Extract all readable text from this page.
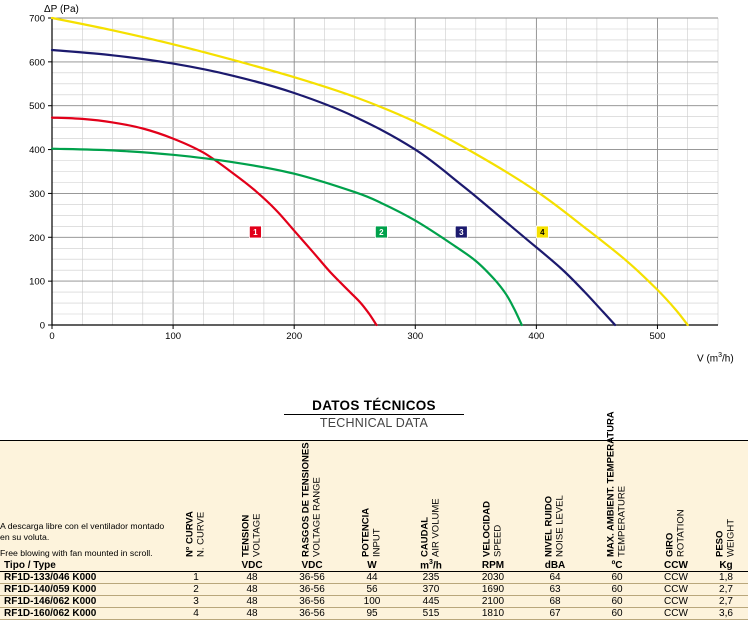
ΔP (Pa)
V $(m^3/h)$
0
100
200
300
400
500
600
700
0	100	200	300	400	500
1	2	3	4
DATOS TÉCNICOS
TECHNICAL DATA
A descarga libre con el ventilador montado en su voluta.
Free blowing with fan mounted in scroll.	Nº CURVA N. CURVE	TENSION VOLTAGE	RASGOS DE TENSIONES VOLTAGE RANGE	POTENCIA INPUT	CAUDAL AIR VOLUME	VELOCIDAD SPEED	NIVEL RUIDO NOISE LEVEL	MAX. AMBIENT. TEMPERATURA TEMPERATURE	GIRO ROTATION	PESO WEIGHT

Tipo / Type		VDC	VDC	W	$m^3/h$	RPM	dBA	ºC	CCW	Kg
RF1D-133/046 K000	1	48	36-56	44	235	2030	64	60	CCW	1,8
RF1D-140/059 K000	2	48	36-56	56	370	1690	63	60	CCW	2,7
RF1D-146/062 K000	3	48	36-56	100	445	2100	68	60	CCW	2,7
RF1D-160/062 K000	4	48	36-56	95	515	1810	67	60	CCW	3,6
